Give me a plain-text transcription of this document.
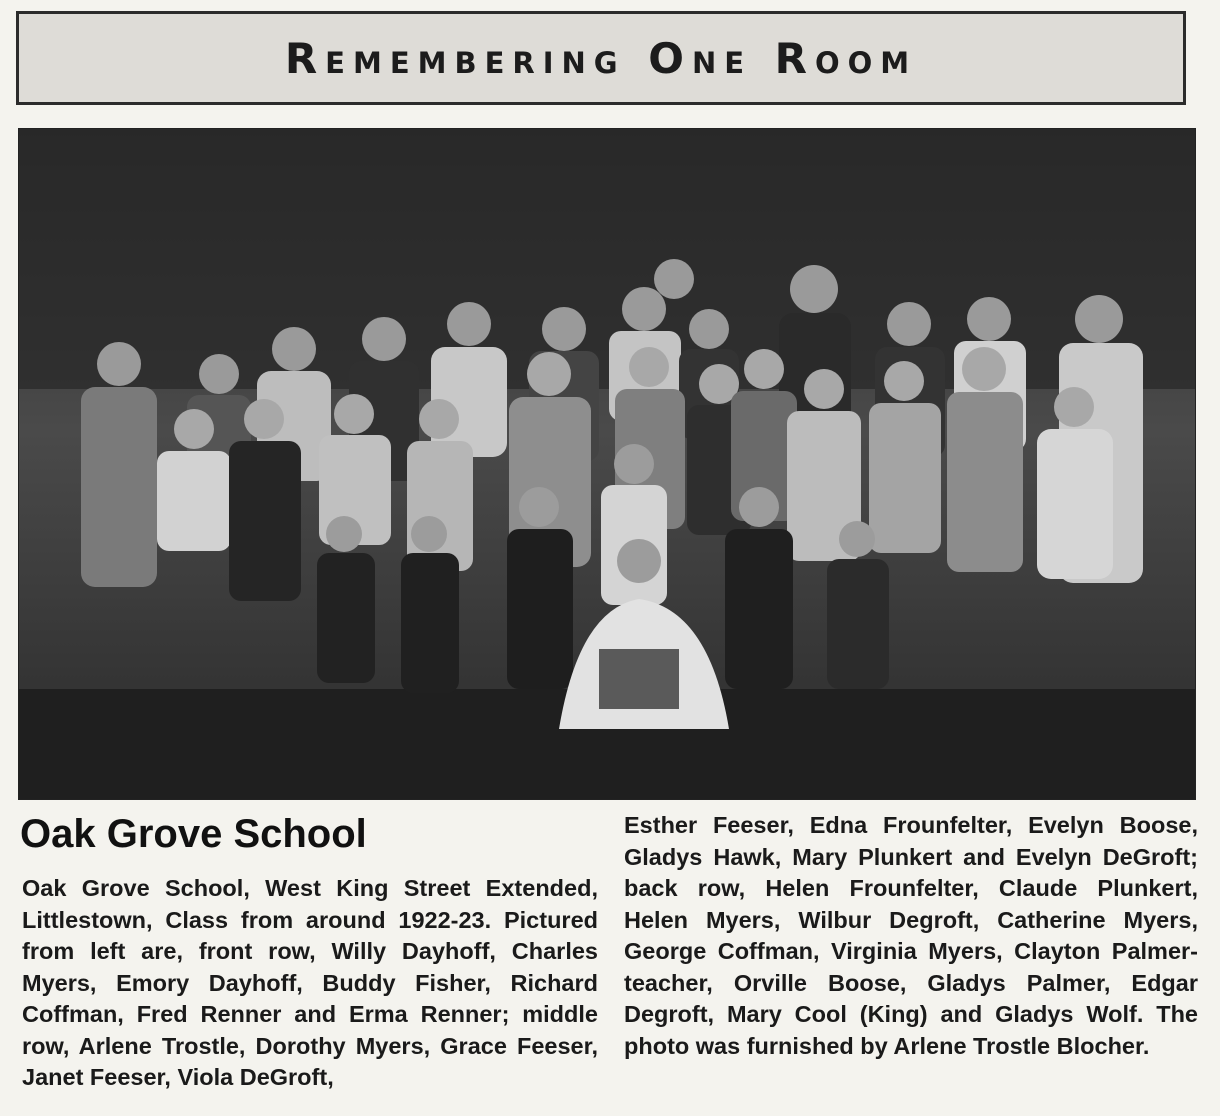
Remembering One Room
Oak Grove School
Oak Grove School, West King Street Extended, Littlestown, Class from around 1922-23. Pictured from left are, front row, Willy Dayhoff, Charles Myers, Emory Dayhoff, Buddy Fisher, Richard Coffman, Fred Renner and Erma Renner; middle row, Arlene Trostle, Dorothy Myers, Grace Feeser, Janet Feeser, Viola DeGroft,
Esther Feeser, Edna Frounfelter, Evelyn Boose, Gladys Hawk, Mary Plunkert and Evelyn DeGroft; back row, Helen Frounfelter, Claude Plunkert, Helen Myers, Wilbur Degroft, Catherine Myers, George Coffman, Virginia Myers, Clayton Palmer-teacher, Orville Boose, Gladys Palmer, Edgar Degroft, Mary Cool (King) and Gladys Wolf. The photo was furnished by Arlene Trostle Blocher.
